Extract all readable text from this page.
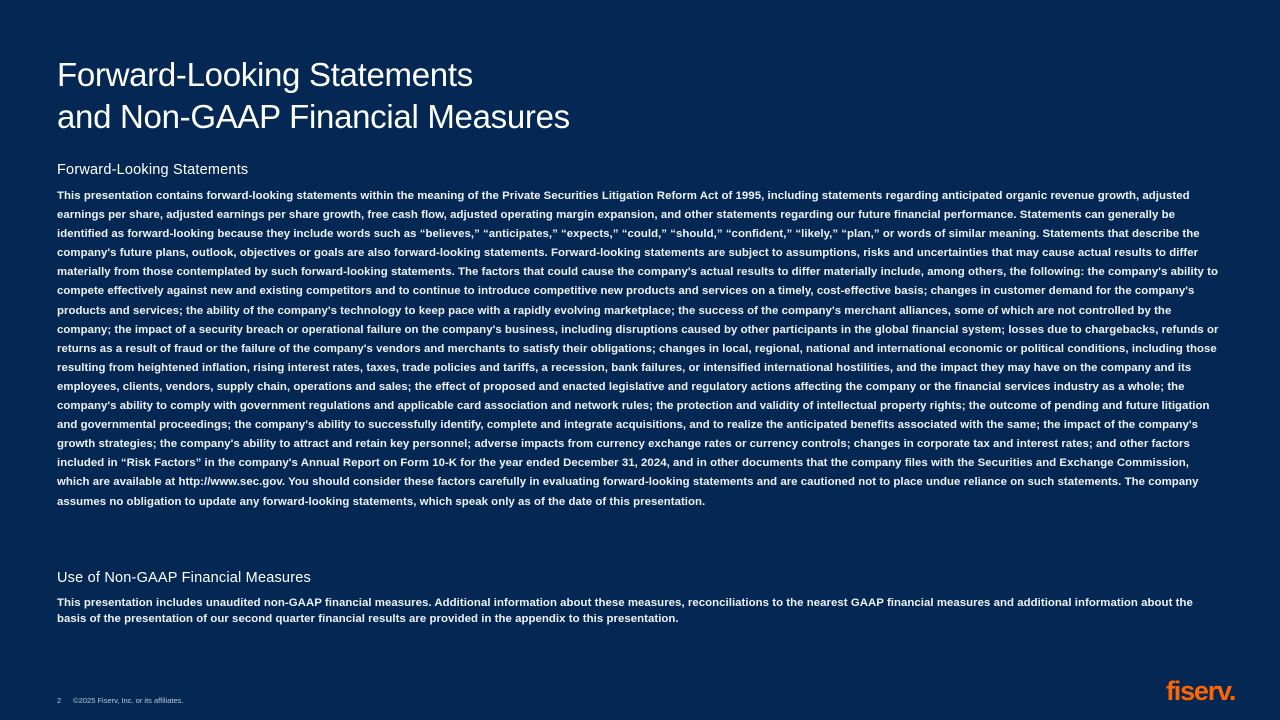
Forward-Looking Statements
and Non-GAAP Financial Measures
Forward-Looking Statements

This presentation contains forward-looking statements within the meaning of the Private Securities Litigation Reform Act of 1995, including statements regarding anticipated organic revenue growth, adjusted earnings per share, adjusted earnings per share growth, free cash flow, adjusted operating margin expansion, and other statements regarding our future financial performance. Statements can generally be identified as forward-looking because they include words such as “believes,” “anticipates,” “expects,” “could,” “should,” “confident,” “likely,” “plan,” or words of similar meaning. Statements that describe the company's future plans, outlook, objectives or goals are also forward-looking statements. Forward-looking statements are subject to assumptions, risks and uncertainties that may cause actual results to differ materially from those contemplated by such forward-looking statements. The factors that could cause the company's actual results to differ materially include, among others, the following: the company's ability to compete effectively against new and existing competitors and to continue to introduce competitive new products and services on a timely, cost-effective basis; changes in customer demand for the company's products and services; the ability of the company's technology to keep pace with a rapidly evolving marketplace; the success of the company's merchant alliances, some of which are not controlled by the company; the impact of a security breach or operational failure on the company's business, including disruptions caused by other participants in the global financial system; losses due to chargebacks, refunds or returns as a result of fraud or the failure of the company's vendors and merchants to satisfy their obligations; changes in local, regional, national and international economic or political conditions, including those resulting from heightened inflation, rising interest rates, taxes, trade policies and tariffs, a recession, bank failures, or intensified international hostilities, and the impact they may have on the company and its employees, clients, vendors, supply chain, operations and sales; the effect of proposed and enacted legislative and regulatory actions affecting the company or the financial services industry as a whole; the company's ability to comply with government regulations and applicable card association and network rules; the protection and validity of intellectual property rights; the outcome of pending and future litigation and governmental proceedings; the company's ability to successfully identify, complete and integrate acquisitions, and to realize the anticipated benefits associated with the same; the impact of the company's growth strategies; the company's ability to attract and retain key personnel; adverse impacts from currency exchange rates or currency controls; changes in corporate tax and interest rates; and other factors included in “Risk Factors” in the company's Annual Report on Form 10-K for the year ended December 31, 2024, and in other documents that the company files with the Securities and Exchange Commission, which are available at http://www.sec.gov. You should consider these factors carefully in evaluating forward-looking statements and are cautioned not to place undue reliance on such statements. The company assumes no obligation to update any forward-looking statements, which speak only as of the date of this presentation.

Use of Non-GAAP Financial Measures

This presentation includes unaudited non-GAAP financial measures. Additional information about these measures, reconciliations to the nearest GAAP financial measures and additional information about the basis of the presentation of our second quarter financial results are provided in the appendix to this presentation.

2 ©2025 Fiserv, Inc. or its affiliates.	fiserv.
